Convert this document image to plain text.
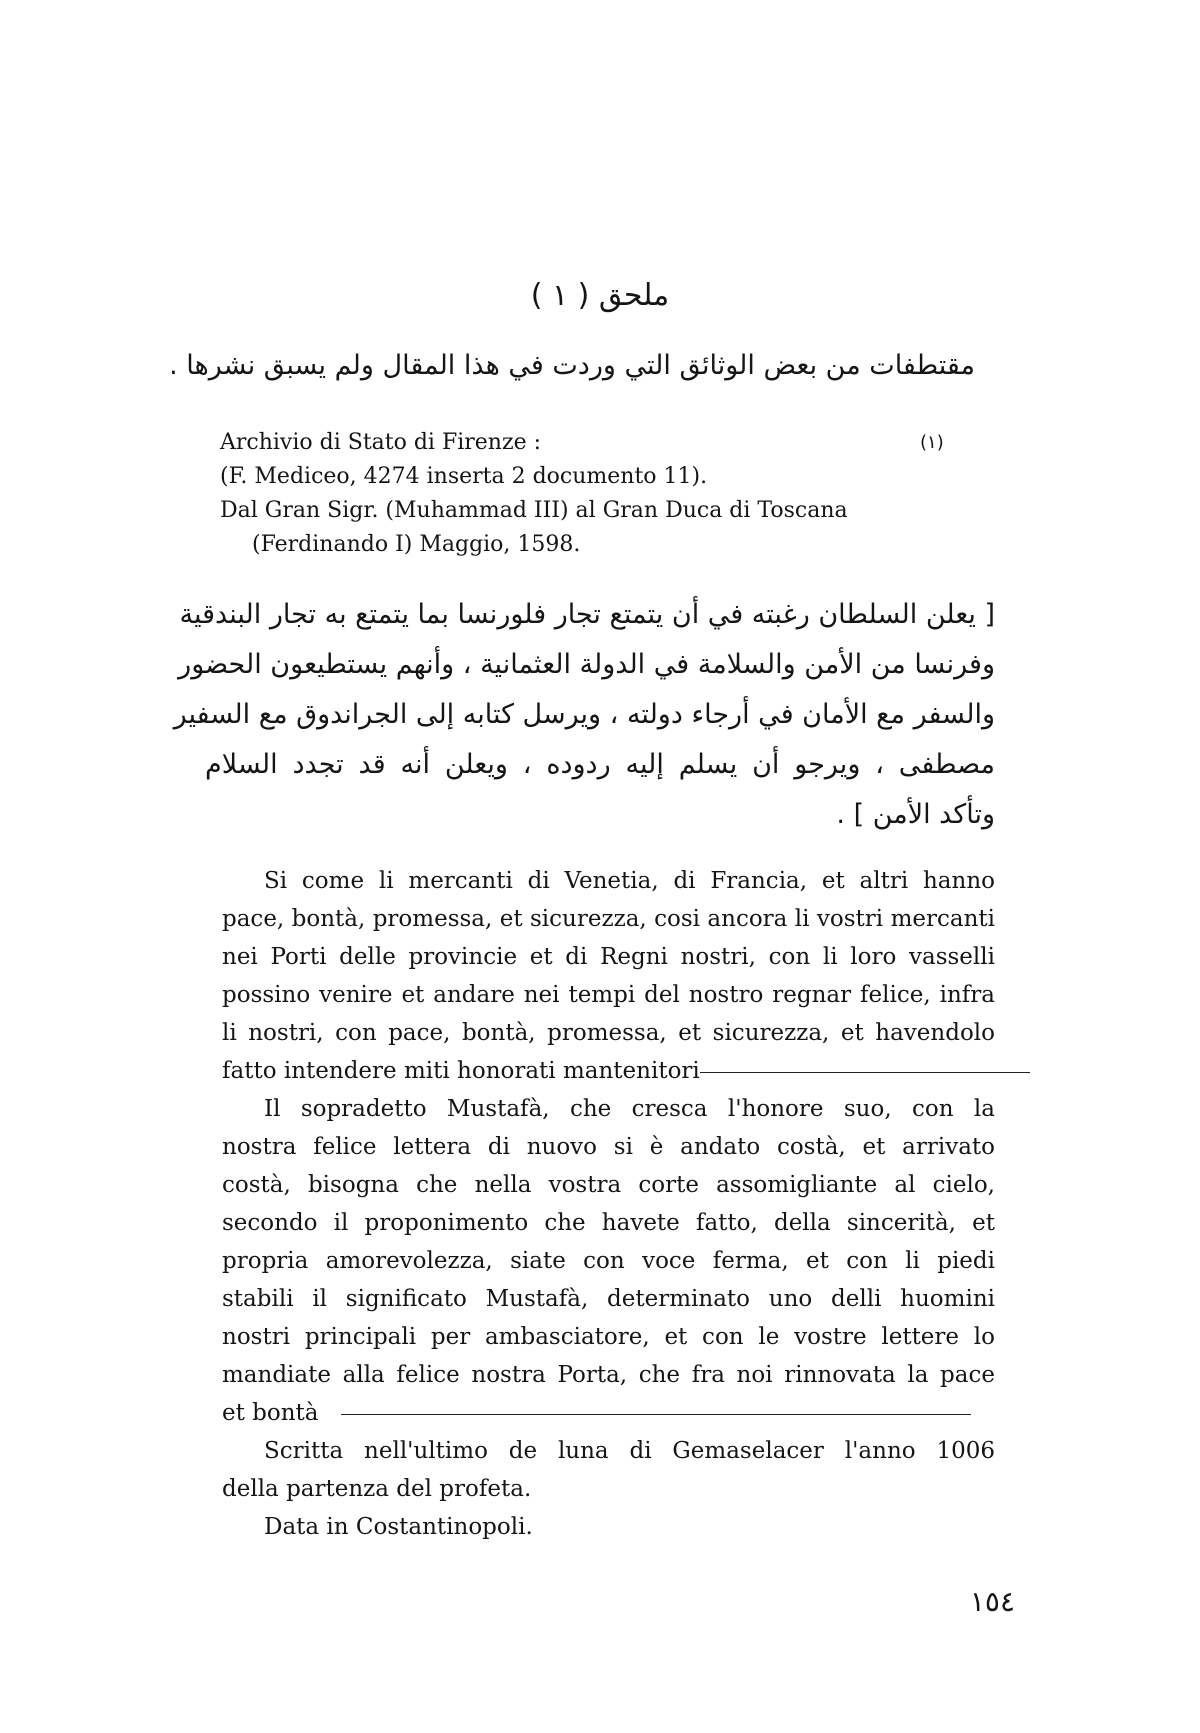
ملحق ( ١ )
مقتطفات من بعض الوثائق التي وردت في هذا المقال ولم يسبق نشرها .
(١)
Archivio di Stato di Firenze :
(F. Mediceo, 4274 inserta 2 documento 11).
Dal Gran Sigr. (Muhammad III) al Gran Duca di Toscana
(Ferdinando I) Maggio, 1598.
[ يعلن السلطان رغبته في أن يتمتع تجار فلورنسا بما يتمتع به تجار البندقية
وفرنسا من الأمن والسلامة في الدولة العثمانية ، وأنهم يستطيعون الحضور
والسفر مع الأمان في أرجاء دولته ، ويرسل كتابه إلى الجراندوق مع السفير
مصطفى ، ويرجو أن يسلم إليه ردوده ، ويعلن أنه قد تجدد السلام
وتأكد الأمن ] .
Si come li mercanti di Venetia, di Francia, et altri hanno
pace, bontà, promessa, et sicurezza, cosi ancora li vostri mercanti
nei Porti delle provincie et di Regni nostri, con li loro vasselli
possino venire et andare nei tempi del nostro regnar felice, infra
li nostri, con pace, bontà, promessa, et sicurezza, et havendolo
fatto intendere miti honorati mantenitori
Il sopradetto Mustafà, che cresca l'honore suo, con la
nostra felice lettera di nuovo si è andato costà, et arrivato
costà, bisogna che nella vostra corte assomigliante al cielo,
secondo il proponimento che havete fatto, della sincerità, et
propria amorevolezza, siate con voce ferma, et con li piedi
stabili il significato Mustafà, determinato uno delli huomini
nostri principali per ambasciatore, et con le vostre lettere lo
mandiate alla felice nostra Porta, che fra noi rinnovata la pace
et bontà
Scritta nell'ultimo de luna di Gemaselacer l'anno 1006
della partenza del profeta.
Data in Costantinopoli.
١٥٤
